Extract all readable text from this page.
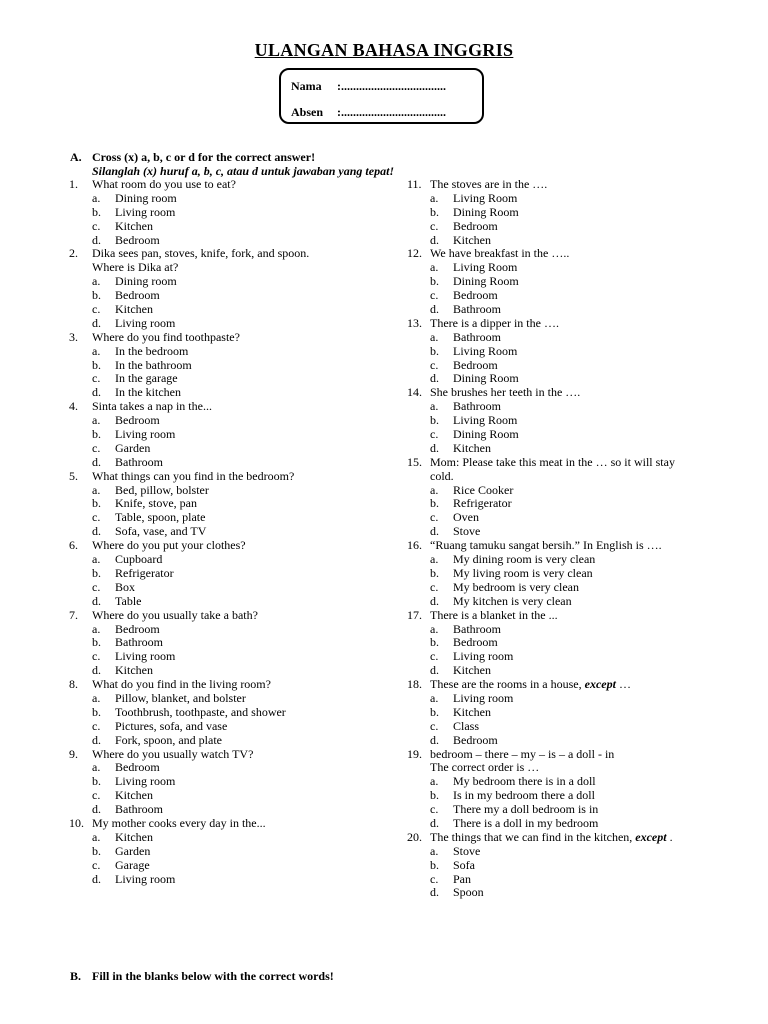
ULANGAN BAHASA INGGRIS
Nama :...................................
Absen :...................................
A. Cross (x) a, b, c or d for the correct answer!
Silanglah (x) huruf a, b, c, atau d untuk jawaban yang tepat!
1. What room do you use to eat?
a. Dining room
b. Living room
c. Kitchen
d. Bedroom
2. Dika sees pan, stoves, knife, fork, and spoon.
Where is Dika at?
a. Dining room
b. Bedroom
c. Kitchen
d. Living room
3. Where do you find toothpaste?
a. In the bedroom
b. In the bathroom
c. In the garage
d. In the kitchen
4. Sinta takes a nap in the...
a. Bedroom
b. Living room
c. Garden
d. Bathroom
5. What things can you find in the bedroom?
a. Bed, pillow, bolster
b. Knife, stove, pan
c. Table, spoon, plate
d. Sofa, vase, and TV
6. Where do you put your clothes?
a. Cupboard
b. Refrigerator
c. Box
d. Table
7. Where do you usually take a bath?
a. Bedroom
b. Bathroom
c. Living room
d. Kitchen
8. What do you find in the living room?
a. Pillow, blanket, and bolster
b. Toothbrush, toothpaste, and shower
c. Pictures, sofa, and vase
d. Fork, spoon, and plate
9. Where do you usually watch TV?
a. Bedroom
b. Living room
c. Kitchen
d. Bathroom
10. My mother cooks every day in the...
a. Kitchen
b. Garden
c. Garage
d. Living room
11. The stoves are in the ….
a. Living Room
b. Dining Room
c. Bedroom
d. Kitchen
12. We have breakfast in the …..
a. Living Room
b. Dining Room
c. Bedroom
d. Bathroom
13. There is a dipper in the ….
a. Bathroom
b. Living Room
c. Bedroom
d. Dining Room
14. She brushes her teeth in the ….
a. Bathroom
b. Living Room
c. Dining Room
d. Kitchen
15. Mom: Please take this meat in the … so it will stay
cold.
a. Rice Cooker
b. Refrigerator
c. Oven
d. Stove
16. “Ruang tamuku sangat bersih.” In English is ….
a. My dining room is very clean
b. My living room is very clean
c. My bedroom is very clean
d. My kitchen is very clean
17. There is a blanket in the ...
a. Bathroom
b. Bedroom
c. Living room
d. Kitchen
18. These are the rooms in a house, except …
a. Living room
b. Kitchen
c. Class
d. Bedroom
19. bedroom – there – my – is – a doll - in
The correct order is …
a. My bedroom there is in a doll
b. Is in my bedroom there a doll
c. There my a doll bedroom is in
d. There is a doll in my bedroom
20. The things that we can find in the kitchen, except .
a. Stove
b. Sofa
c. Pan
d. Spoon
B. Fill in the blanks below with the correct words!
